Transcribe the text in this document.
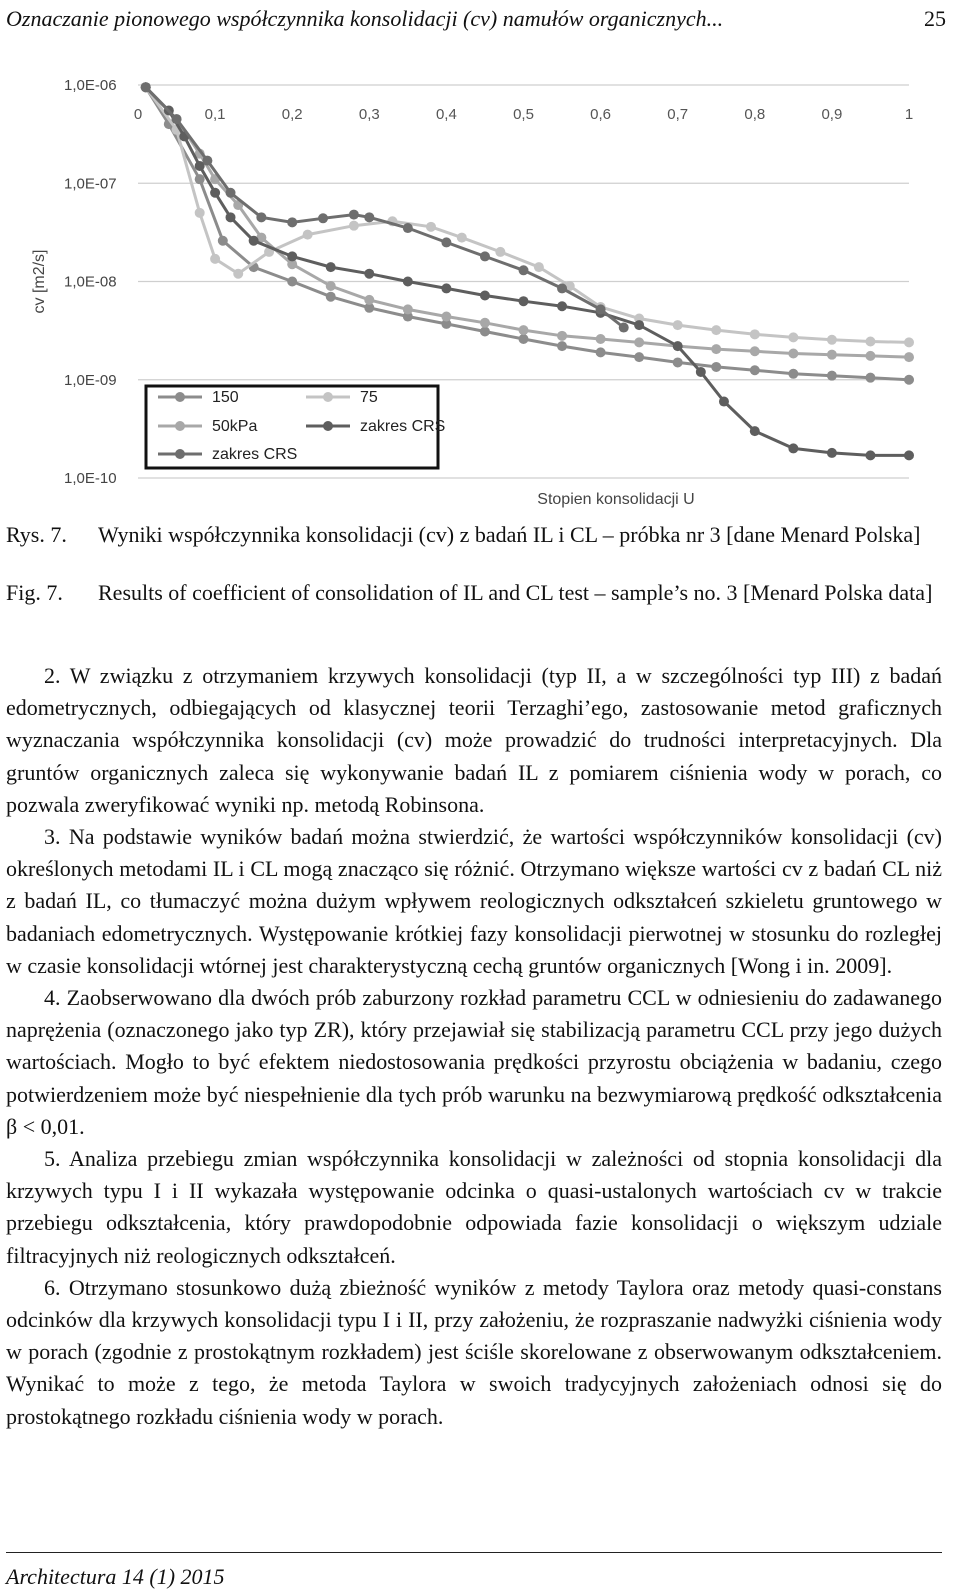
Oznaczanie pionowego współczynnika konsolidacji (cv) namułów organicznych...	25
1,0E-06
1,0E-07
1,0E-08
1,0E-09
1,0E-10
0	0,1	0,2	0,3	0,4	0,5	0,6	0,7	0,8	0,9	1
cv [m2/s]
Stopien konsolidacji U
150	75
50kPa	zakres CRS
zakres CRS
Rys. 7. Wyniki współczynnika konsolidacji (cv) z badań IL i CL – próbka nr 3 [dane Menard Polska]
Fig. 7. Results of coefficient of consolidation of IL and CL test – sample’s no. 3 [Menard Polska data]

2. W związku z otrzymaniem krzywych konsolidacji (typ II, a w szczególności typ III) z badań edometrycznych, odbiegających od klasycznej teorii Terzaghi’ego, zastosowanie metod graficznych wyznaczania współczynnika konsolidacji (cv) może prowadzić do trudności interpretacyjnych. Dla gruntów organicznych zaleca się wykonywanie badań IL z pomiarem ciśnienia wody w porach, co pozwala zweryfikować wyniki np. metodą Robinsona.

3. Na podstawie wyników badań można stwierdzić, że wartości współczynników konsolidacji (cv) określonych metodami IL i CL mogą znacząco się różnić. Otrzymano większe wartości cv z badań CL niż z badań IL, co tłumaczyć można dużym wpływem reologicznych odkształceń szkieletu gruntowego w badaniach edometrycznych. Występowanie krótkiej fazy konsolidacji pierwotnej w stosunku do rozległej w czasie konsolidacji wtórnej jest charakterystyczną cechą gruntów organicznych [Wong i in. 2009].

4. Zaobserwowano dla dwóch prób zaburzony rozkład parametru CCL w odniesieniu do zadawanego naprężenia (oznaczonego jako typ ZR), który przejawiał się stabilizacją parametru CCL przy jego dużych wartościach. Mogło to być efektem niedostosowania prędkości przyrostu obciążenia w badaniu, czego potwierdzeniem może być niespełnienie dla tych prób warunku na bezwymiarową prędkość odkształcenia β < 0,01.

5. Analiza przebiegu zmian współczynnika konsolidacji w zależności od stopnia konsolidacji dla krzywych typu I i II wykazała występowanie odcinka o quasi-ustalonych wartościach cv w trakcie przebiegu odkształcenia, który prawdopodobnie odpowiada fazie konsolidacji o większym udziale filtracyjnych niż reologicznych odkształceń.

6. Otrzymano stosunkowo dużą zbieżność wyników z metody Taylora oraz metody quasi-constans odcinków dla krzywych konsolidacji typu I i II, przy założeniu, że rozpraszanie nadwyżki ciśnienia wody w porach (zgodnie z prostokątnym rozkładem) jest ściśle skorelowane z obserwowanym odkształceniem. Wynikać to może z tego, że metoda Taylora w swoich tradycyjnych założeniach odnosi się do prostokątnego rozkładu ciśnienia wody w porach.

Architectura 14 (1) 2015
